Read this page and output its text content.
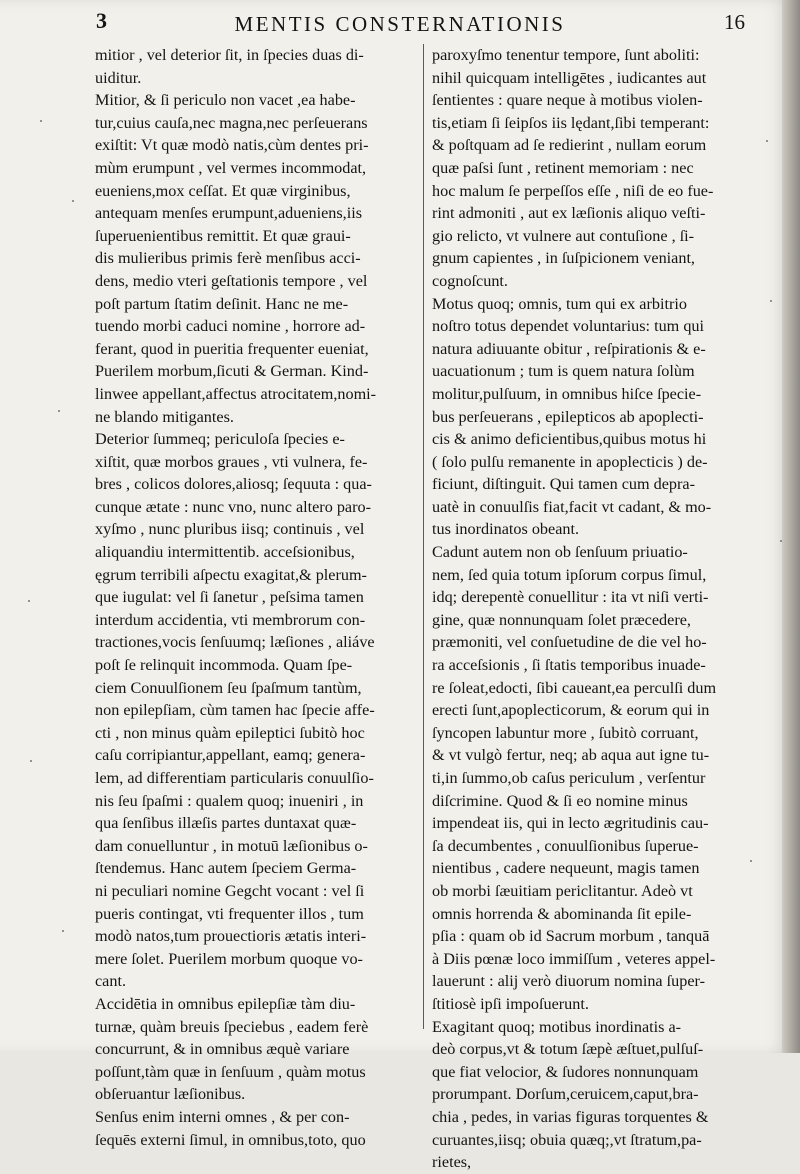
3	MENTIS CONSTERNATIONIS	16
mitior , vel deterior ſit, in ſpecies duas di-
uiditur.
Mitior, & ſi periculo non vacet ,ea habe-
tur,cuius cauſa,nec magna,nec perſeuerans
exiſtit: Vt quæ modò natis,cùm dentes pri-
mùm erumpunt , vel vermes incommodat,
eueniens,mox ceſſat. Et quæ virginibus,
antequam menſes erumpunt,adueniens,iis
ſuperuenientibus remittit. Et quæ graui-
dis mulieribus primis ferè menſibus acci-
dens, medio vteri geſtationis tempore , vel
poſt partum ſtatim deſinit. Hanc ne me-
tuendo morbi caduci nomine , horrore ad-
ferant, quod in pueritia frequenter eueniat,
Puerilem morbum,ſicuti & German. Kind-
linwee appellant,affectus atrocitatem,nomi-
ne blando mitigantes.
Deterior ſummeq; periculoſa ſpecies e-
xiſtit, quæ morbos graues , vti vulnera, fe-
bres , colicos dolores,aliosq; ſequuta : qua-
cunque ætate : nunc vno, nunc altero paro-
xyſmo , nunc pluribus iisq; continuis , vel
aliquandiu intermittentib. acceſsionibus,
ęgrum terribili aſpectu exagitat,& plerum-
que iugulat: vel ſi ſanetur , peſsima tamen
interdum accidentia, vti membrorum con-
tractiones,vocis ſenſuumq; læſiones , aliáve
poſt ſe relinquit incommoda. Quam ſpe-
ciem Conuulſionem ſeu ſpaſmum tantùm,
non epilepſiam, cùm tamen hac ſpecie affe-
cti , non minus quàm epileptici ſubitò hoc
caſu corripiantur,appellant, eamq; genera-
lem, ad differentiam particularis conuulſio-
nis ſeu ſpaſmi : qualem quoq; inueniri , in
qua ſenſibus illæſis partes duntaxat quæ-
dam conuelluntur , in motuū læſionibus o-
ſtendemus. Hanc autem ſpeciem Germa-
ni peculiari nomine Gegcht vocant : vel ſi
pueris contingat, vti frequenter illos , tum
modò natos,tum prouectioris ætatis interi-
mere ſolet. Puerilem morbum quoque vo-
cant.
Accidētia in omnibus epilepſiæ tàm diu-
turnæ, quàm breuis ſpeciebus , eadem ferè
concurrunt, & in omnibus æquè variare
poſſunt,tàm quæ in ſenſuum , quàm motus
obſeruantur læſionibus.
Senſus enim interni omnes , & per con-
ſequēs externi ſimul, in omnibus,toto, quo
paroxyſmo tenentur tempore, ſunt aboliti:
nihil quicquam intelligētes , iudicantes aut
ſentientes : quare neque à motibus violen-
tis,etiam ſi ſeipſos iis lędant,ſibi temperant:
& poſtquam ad ſe redierint , nullam eorum
quæ paſsi ſunt , retinent memoriam : nec
hoc malum ſe perpeſſos eſſe , niſi de eo fue-
rint admoniti , aut ex læſionis aliquo veſti-
gio relicto, vt vulnere aut contuſione , ſi-
gnum capientes , in ſuſpicionem veniant,
cognoſcunt.
Motus quoq; omnis, tum qui ex arbitrio
noſtro totus dependet voluntarius: tum qui
natura adiuuante obitur , reſpirationis & e-
uacuationum ; tum is quem natura ſolùm
molitur,pulſuum, in omnibus hiſce ſpecie-
bus perſeuerans , epilepticos ab apoplecti-
cis & animo deficientibus,quibus motus hi
( ſolo pulſu remanente in apoplecticis ) de-
ficiunt, diſtinguit. Qui tamen cum depra-
uatè in conuulſis fiat,facit vt cadant, & mo-
tus inordinatos obeant.
Cadunt autem non ob ſenſuum priuatio-
nem, ſed quia totum ipſorum corpus ſimul,
idq; derepentè conuellitur : ita vt niſi verti-
gine, quæ nonnunquam ſolet præcedere,
præmoniti, vel conſuetudine de die vel ho-
ra acceſsionis , ſi ſtatis temporibus inuade-
re ſoleat,edocti, ſibi caueant,ea perculſi dum
erecti ſunt,apoplecticorum, & eorum qui in
ſyncopen labuntur more , ſubitò corruant,
& vt vulgò fertur, neq; ab aqua aut igne tu-
ti,in ſummo,ob caſus periculum , verſentur
diſcrimine. Quod & ſi eo nomine minus
impendeat iis, qui in lecto ægritudinis cau-
ſa decumbentes , conuulſionibus ſuperue-
nientibus , cadere nequeunt, magis tamen
ob morbi ſæuitiam periclitantur. Adeò vt
omnis horrenda & abominanda ſit epile-
pſia : quam ob id Sacrum morbum , tanquā
à Diis pœnæ loco immiſſum , veteres appel-
lauerunt : alij verò diuorum nomina ſuper-
ſtitiosè ipſi impoſuerunt.
Exagitant quoq; motibus inordinatis a-
deò corpus,vt & totum ſæpè æſtuet,pulſuſ-
que fiat velocior, & ſudores nonnunquam
prorumpant. Dorſum,ceruicem,caput,bra-
chia , pedes, in varias figuras torquentes &
curuantes,iisq; obuia quæq;,vt ſtratum,pa-
rietes,
